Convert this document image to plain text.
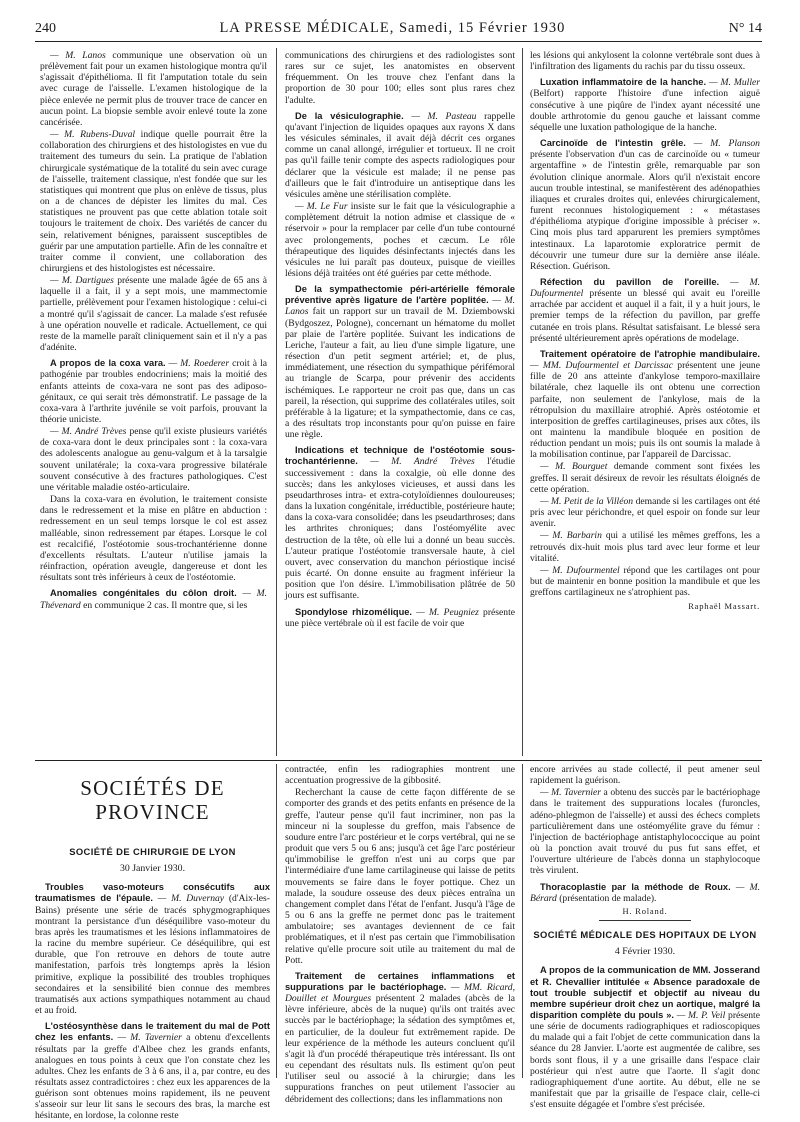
240	LA PRESSE MÉDICALE, Samedi, 15 Février 1930	N° 14

— M. Lanos communique une observation où un prélèvement fait pour un examen histologique montra qu'il s'agissait d'épithélioma. Il fit l'amputation totale du sein avec curage de l'aisselle. L'examen histologique de la pièce enlevée ne permit plus de trouver trace de cancer en aucun point. La biopsie semble avoir enlevé toute la zone cancérisée.

— M. Rubens-Duval indique quelle pourrait être la collaboration des chirurgiens et des histologistes en vue du traitement des tumeurs du sein. La pratique de l'ablation chirurgicale systématique de la totalité du sein avec curage de l'aisselle, traitement classique, n'est fondée que sur les statistiques qui montrent que plus on enlève de tissus, plus on a de chances de dépister les limites du mal. Ces statistiques ne prouvent pas que cette ablation totale soit toujours le traitement de choix. Des variétés de cancer du sein, relativement bénignes, paraissent susceptibles de guérir par une amputation partielle. Afin de les connaître et traiter comme il convient, une collaboration des chirurgiens et des histologistes est nécessaire.

— M. Dartigues présente une malade âgée de 65 ans à laquelle il a fait, il y a sept mois, une mammectomie partielle, prélèvement pour l'examen histologique : celui-ci a montré qu'il s'agissait de cancer. La malade s'est refusée à une opération nouvelle et radicale. Actuellement, ce qui reste de la mamelle paraît cliniquement sain et il n'y a pas d'adénite.

A propos de la coxa vara. — M. Roederer croit à la pathogénie par troubles endocriniens; mais la moitié des enfants atteints de coxa-vara ne sont pas des adiposo-génitaux, ce qui serait très démonstratif. Le passage de la coxa-vara à l'arthrite juvénile se voit parfois, prouvant la théorie uniciste.

— M. André Trèves pense qu'il existe plusieurs variétés de coxa-vara dont le deux principales sont : la coxa-vara des adolescents analogue au genu-valgum et à la tarsalgie souvent unilatérale; la coxa-vara progressive bilatérale souvent consécutive à des fractures pathologiques. C'est une véritable maladie ostéo-articulaire.

Dans la coxa-vara en évolution, le traitement consiste dans le redressement et la mise en plâtre en abduction : redressement en un seul temps lorsque le col est assez malléable, sinon redressement par étapes. Lorsque le col est recalcifié, l'ostéotomie sous-trochantérienne donne d'excellents résultats. L'auteur n'utilise jamais la réinfraction, opération aveugle, dangereuse et dont les résultats sont très inférieurs à ceux de l'ostéotomie.

Anomalies congénitales du côlon droit. — M. Thévenard en communique 2 cas. Il montre que, si les

communications des chirurgiens et des radiologistes sont rares sur ce sujet, les anatomistes en observent fréquemment. On les trouve chez l'enfant dans la proportion de 30 pour 100; elles sont plus rares chez l'adulte.

De la vésiculographie. — M. Pasteau rappelle qu'avant l'injection de liquides opaques aux rayons X dans les vésicules séminales, il avait déjà décrit ces organes comme un canal allongé, irrégulier et tortueux. Il ne croit pas qu'il faille tenir compte des aspects radiologiques pour déclarer que la vésicule est malade; il ne pense pas d'ailleurs que le fait d'introduire un antiseptique dans les vésicules amène une stérilisation complète.

— M. Le Fur insiste sur le fait que la vésiculographie a complètement détruit la notion admise et classique de « réservoir » pour la remplacer par celle d'un tube contourné avec prolongements, poches et cæcum. Le rôle thérapeutique des liquides désinfectants injectés dans les vésicules ne lui paraît pas douteux, puisque de vieilles lésions déjà traitées ont été guéries par cette méthode.

De la sympathectomie péri-artérielle fémorale préventive après ligature de l'artère poplitée. — M. Lanos fait un rapport sur un travail de M. Dziembowski (Bydgoszez, Pologne), concernant un hématome du mollet par plaie de l'artère poplitée. Suivant les indications de Leriche, l'auteur a fait, au lieu d'une simple ligature, une résection d'un petit segment artériel; et, de plus, immédiatement, une résection du sympathique périfémoral au triangle de Scarpa, pour prévenir des accidents ischémiques. Le rapporteur ne croit pas que, dans un cas pareil, la résection, qui supprime des collatérales utiles, soit préférable à la ligature; et la sympathectomie, dans ce cas, a des résultats trop inconstants pour qu'on puisse en faire une règle.

Indications et technique de l'ostéotomie sous-trochantérienne. — M. André Trèves l'étudie successivement : dans la coxalgie, où elle donne des succès; dans les ankyloses vicieuses, et aussi dans les pseudarthroses intra- et extra-cotyloïdiennes douloureuses; dans la luxation congénitale, irréductible, postérieure haute; dans la coxa-vara consolidée; dans les pseudarthroses; dans les arthrites chroniques; dans l'ostéomyélite avec destruction de la tête, où elle lui a donné un beau succès. L'auteur pratique l'ostéotomie transversale haute, à ciel ouvert, avec conservation du manchon périostique incisé puis écarté. On donne ensuite au fragment inférieur la position que l'on désire. L'immobilisation plâtrée de 50 jours est suffisante.

Spondylose rhizomélique. — M. Peugniez présente une pièce vertébrale où il est facile de voir que

les lésions qui ankylosent la colonne vertébrale sont dues à l'infiltration des ligaments du rachis par du tissu osseux.

Luxation inflammatoire de la hanche. — M. Muller (Belfort) rapporte l'histoire d'une infection aiguë consécutive à une piqûre de l'index ayant nécessité une double arthrotomie du genou gauche et laissant comme séquelle une luxation pathologique de la hanche.

Carcinoïde de l'intestin grêle. — M. Planson présente l'observation d'un cas de carcinoïde ou « tumeur argentaffine » de l'intestin grêle, remarquable par son évolution clinique anormale. Alors qu'il n'existait encore aucun trouble intestinal, se manifestèrent des adénopathies iliaques et crurales droites qui, enlevées chirurgicalement, furent reconnues histologiquement : « métastases d'épithélioma atypique d'origine impossible à préciser ». Cinq mois plus tard apparurent les premiers symptômes intestinaux. La laparotomie exploratrice permit de découvrir une tumeur dure sur la dernière anse iléale. Résection. Guérison.

Réfection du pavillon de l'oreille. — M. Dufourmentel présente un blessé qui avait eu l'oreille arrachée par accident et auquel il a fait, il y a huit jours, le premier temps de la réfection du pavillon, par greffe cutanée en trois plans. Résultat satisfaisant. Le blessé sera présenté ultérieurement après opérations de modelage.

Traitement opératoire de l'atrophie mandibulaire. — MM. Dufourmentel et Darcissac présentent une jeune fille de 20 ans atteinte d'ankylose temporo-maxillaire bilatérale, chez laquelle ils ont obtenu une correction parfaite, non seulement de l'ankylose, mais de la rétropulsion du maxillaire atrophié. Après ostéotomie et interposition de greffes cartilagineuses, prises aux côtes, ils ont maintenu la mandibule bloquée en position de réduction pendant un mois; puis ils ont soumis la malade à la mobilisation continue, par l'appareil de Darcissac.

— M. Bourguet demande comment sont fixées les greffes. Il serait désireux de revoir les résultats éloignés de cette opération.

— M. Petit de la Villéon demande si les cartilages ont été pris avec leur périchondre, et quel espoir on fonde sur leur avenir.

— M. Barbarin qui a utilisé les mêmes greffons, les a retrouvés dix-huit mois plus tard avec leur forme et leur vitalité.

— M. Dufourmentel répond que les cartilages ont pour but de maintenir en bonne position la mandibule et que les greffons cartilagineux ne s'atrophient pas.

Raphaël Massart.
SOCIÉTÉS DE PROVINCE
SOCIÉTÉ DE CHIRURGIE DE LYON
30 Janvier 1930.

Troubles vaso-moteurs consécutifs aux traumatismes de l'épaule. — M. Duvernay (d'Aix-les-Bains) présente une série de tracés sphygmographiques montrant la persistance d'un déséquilibre vaso-moteur du bras après les traumatismes et les lésions inflammatoires de la racine du membre supérieur. Ce déséquilibre, qui est durable, que l'on retrouve en dehors de toute autre manifestation, parfois très longtemps après la lésion primitive, explique la possibilité des troubles trophiques secondaires et la sensibilité bien connue des membres traumatisés aux actions sympathiques notamment au chaud et au froid.

L'ostéosynthèse dans le traitement du mal de Pott chez les enfants. — M. Tavernier a obtenu d'excellents résultats par la greffe d'Albee chez les grands enfants, analogues en tous points à ceux que l'on constate chez les adultes. Chez les enfants de 3 à 6 ans, il a, par contre, eu des résultats assez contradictoires : chez eux les apparences de la guérison sont obtenues moins rapidement, ils ne peuvent s'asseoir sur leur lit sans le secours des bras, la marche est hésitante, en lordose, la colonne reste

contractée, enfin les radiographies montrent une accentuation progressive de la gibbosité.

Recherchant la cause de cette façon différente de se comporter des grands et des petits enfants en présence de la greffe, l'auteur pense qu'il faut incriminer, non pas la minceur ni la souplesse du greffon, mais l'absence de soudure entre l'arc postérieur et le corps vertébral, qui ne se produit que vers 5 ou 6 ans; jusqu'à cet âge l'arc postérieur qu'immobilise le greffon n'est uni au corps que par l'intermédiaire d'une lame cartilagineuse qui laisse de petits mouvements se faire dans le foyer pottique. Chez un malade, la soudure osseuse des deux pièces entraîna un changement complet dans l'état de l'enfant. Jusqu'à l'âge de 5 ou 6 ans la greffe ne permet donc pas le traitement ambulatoire; ses avantages deviennent de ce fait problématiques, et il n'est pas certain que l'immobilisation relative qu'elle procure soit utile au traitement du mal de Pott.

Traitement de certaines inflammations et suppurations par le bactériophage. — MM. Ricard, Douillet et Mourgues présentent 2 malades (abcès de la lèvre inférieure, abcès de la nuque) qu'ils ont traités avec succès par le bactériophage; la sédation des symptômes et, en particulier, de la douleur fut extrêmement rapide. De leur expérience de la méthode les auteurs concluent qu'il s'agit là d'un procédé thérapeutique très intéressant. Ils ont eu cependant des résultats nuls. Ils estiment qu'on peut l'utiliser seul ou associé à la chirurgie; dans les suppurations franches on peut utilement l'associer au débridement des collections; dans les inflammations non

encore arrivées au stade collecté, il peut amener seul rapidement la guérison.

— M. Tavernier a obtenu des succès par le bactériophage dans le traitement des suppurations locales (furoncles, adéno-phlegmon de l'aisselle) et aussi des échecs complets particulièrement dans une ostéomyélite grave du fémur : l'injection de bactériophage antistaphylococcique au point où la ponction avait trouvé du pus fut sans effet, et l'ouverture ultérieure de l'abcès donna un staphylocoque très virulent.

Thoracoplastie par la méthode de Roux. — M. Bérard (présentation de malade).

H. Roland.
SOCIÉTÉ MÉDICALE DES HOPITAUX DE LYON
4 Février 1930.

A propos de la communication de MM. Josserand et R. Chevallier intitulée « Absence paradoxale de tout trouble subjectif et objectif au niveau du membre supérieur droit chez un aortique, malgré la disparition complète du pouls ». — M. P. Veil présente une série de documents radiographiques et radioscopiques du malade qui a fait l'objet de cette communication dans la séance du 28 Janvier. L'aorte est augmentée de calibre, ses bords sont flous, il y a une grisaille dans l'espace clair postérieur qui n'est autre que l'aorte. Il s'agit donc radiographiquement d'une aortite. Au début, elle ne se manifestait que par la grisaille de l'espace clair, celle-ci s'est ensuite dégagée et l'ombre s'est précisée.
